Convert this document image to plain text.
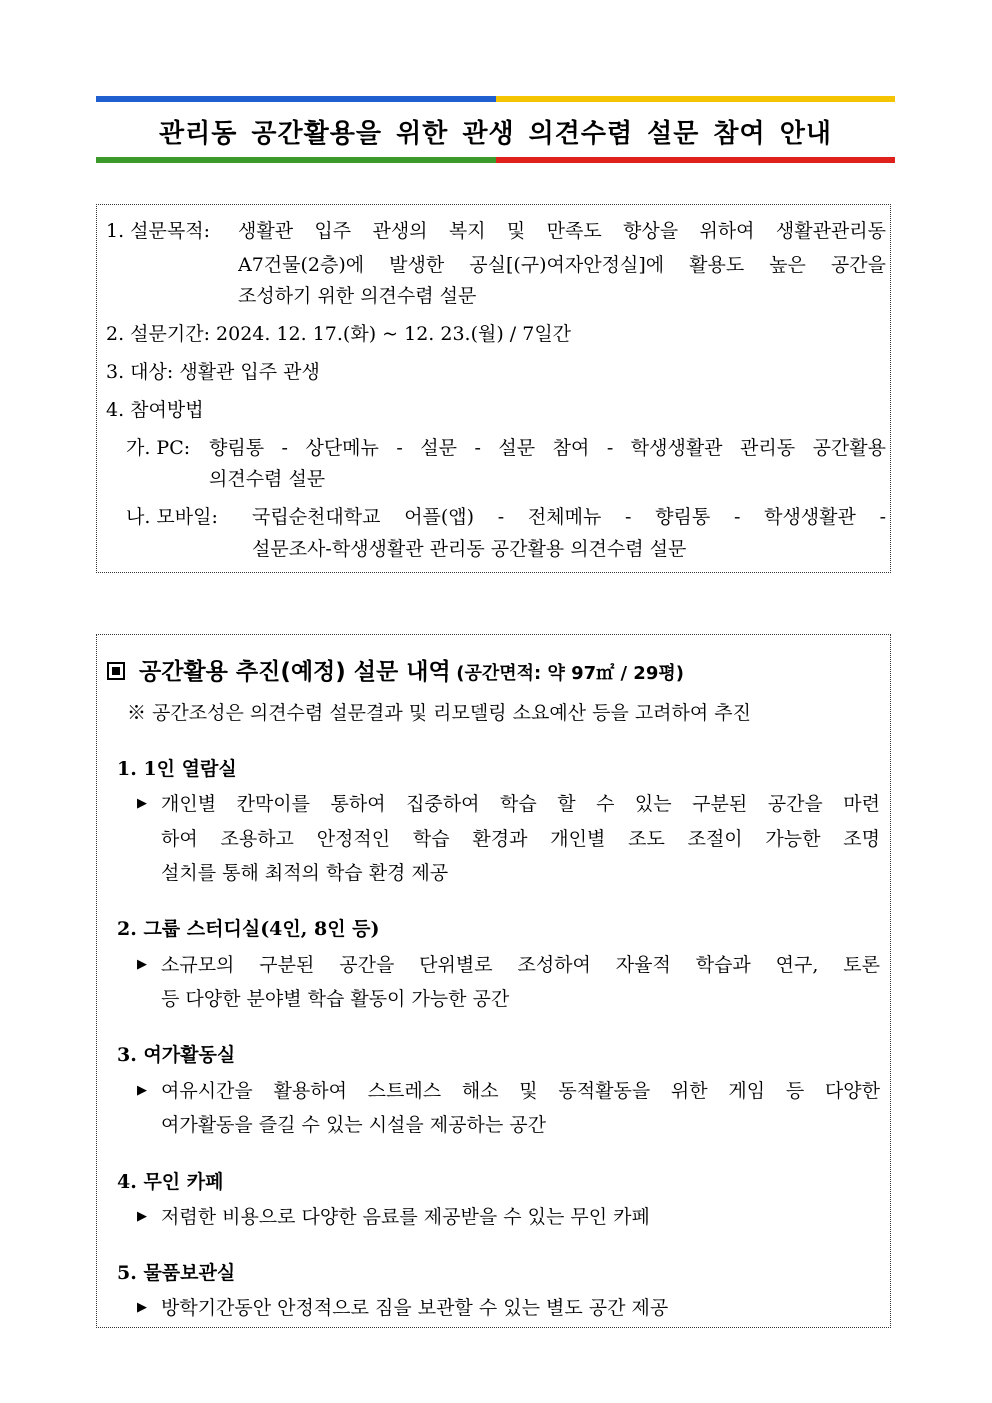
관리동 공간활용을 위한 관생 의견수렴 설문 참여 안내
1. 설문목적: 생활관 입주 관생의 복지 및 만족도 향상을 위하여 생활관관리동
A7건물(2층)에 발생한 공실[(구)여자안정실]에 활용도 높은 공간을
조성하기 위한 의견수렴 설문
2. 설문기간: 2024. 12. 17.(화) ~ 12. 23.(월) / 7일간
3. 대상: 생활관 입주 관생
4. 참여방법
가. PC: 향림통 - 상단메뉴 - 설문 - 설문 참여 - 학생생활관 관리동 공간활용
의견수렴 설문
나. 모바일: 국립순천대학교 어플(앱) - 전체메뉴 - 향림통 - 학생생활관 -
설문조사-학생생활관 관리동 공간활용 의견수렴 설문
공간활용 추진(예정) 설문 내역 (공간면적: 약 97㎡ / 29평)
※ 공간조성은 의견수렴 설문결과 및 리모델링 소요예산 등을 고려하여 추진
1. 1인 열람실
▶ 개인별 칸막이를 통하여 집중하여 학습 할 수 있는 구분된 공간을 마련
하여 조용하고 안정적인 학습 환경과 개인별 조도 조절이 가능한 조명
설치를 통해 최적의 학습 환경 제공
2. 그룹 스터디실(4인, 8인 등)
▶ 소규모의 구분된 공간을 단위별로 조성하여 자율적 학습과 연구, 토론
등 다양한 분야별 학습 활동이 가능한 공간
3. 여가활동실
▶ 여유시간을 활용하여 스트레스 해소 및 동적활동을 위한 게임 등 다양한
여가활동을 즐길 수 있는 시설을 제공하는 공간
4. 무인 카페
▶ 저렴한 비용으로 다양한 음료를 제공받을 수 있는 무인 카페
5. 물품보관실
▶ 방학기간동안 안정적으로 짐을 보관할 수 있는 별도 공간 제공
